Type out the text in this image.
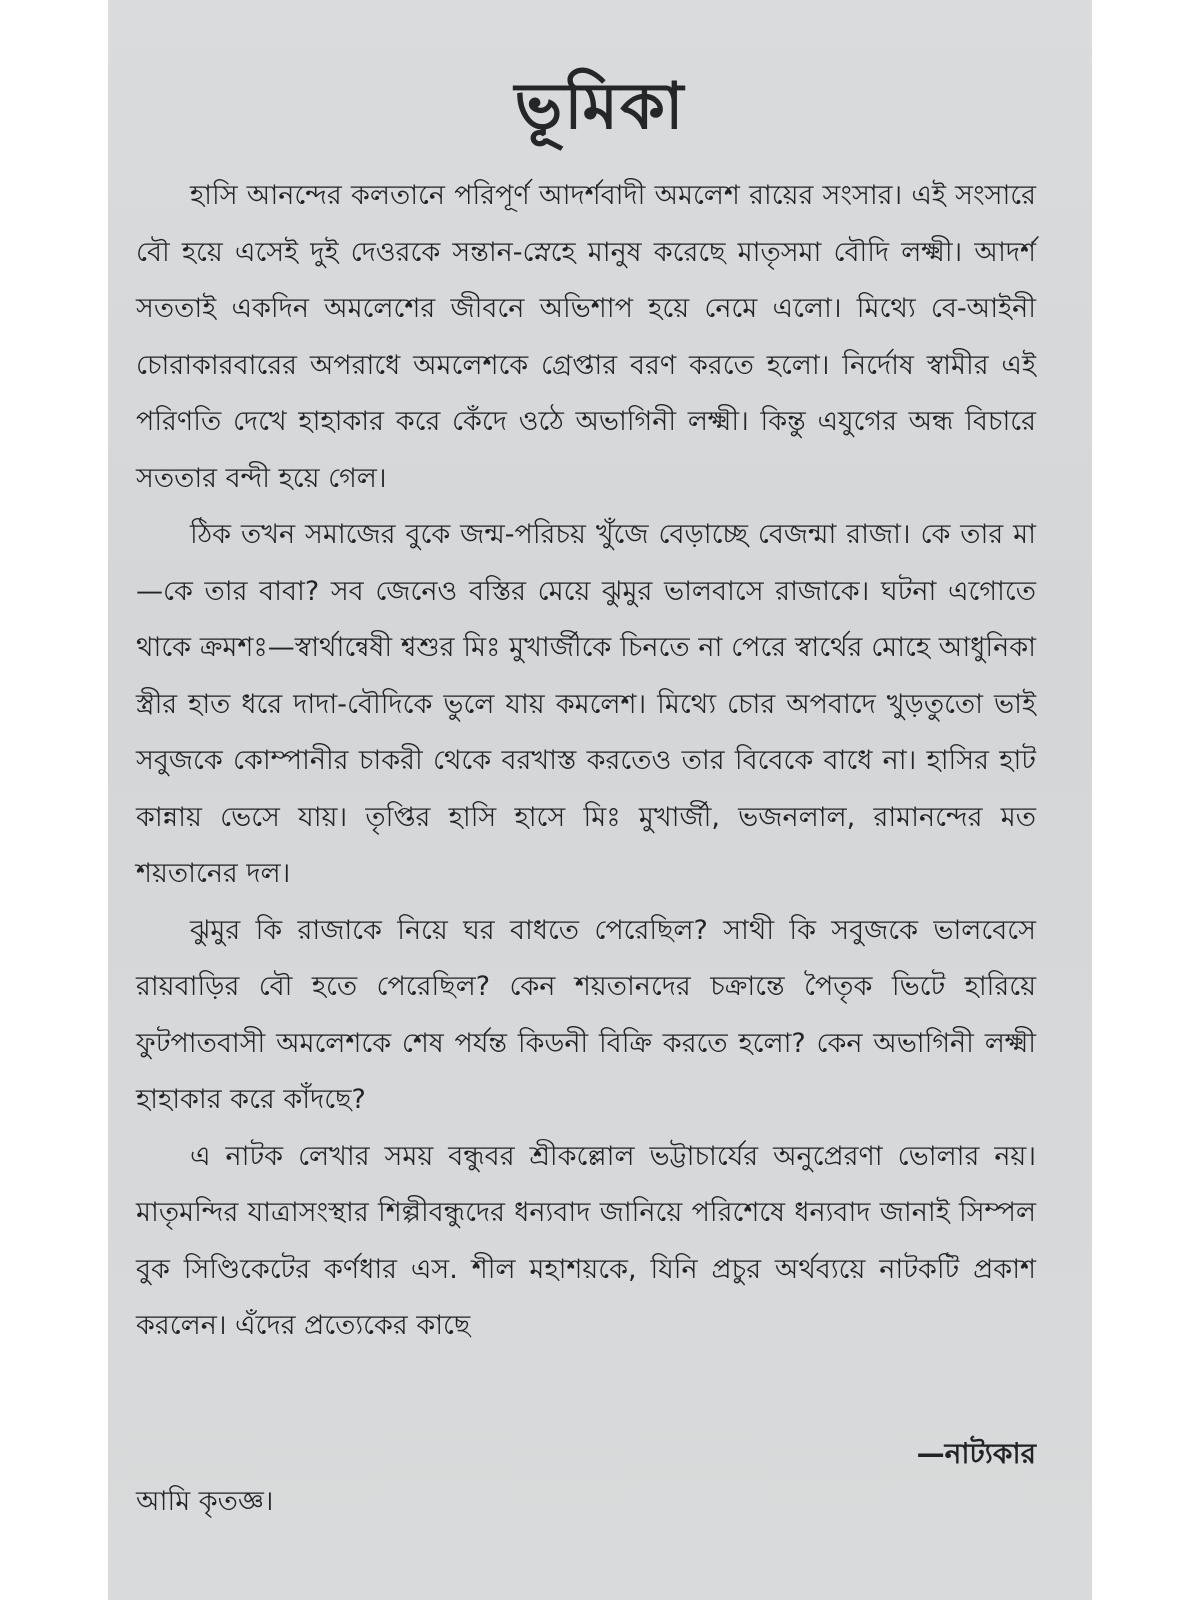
ভূমিকা

হাসি আনন্দের কলতানে পরিপূর্ণ আদর্শবাদী অমলেশ রায়ের সংসার। এই সংসারে বৌ হয়ে এসেই দুই দেওরকে সন্তান-স্নেহে মানুষ করেছে মাতৃসমা বৌদি লক্ষ্মী। আদর্শ সততাই একদিন অমলেশের জীবনে অভিশাপ হয়ে নেমে এলো। মিথ্যে বে-আইনী চোরাকারবারের অপরাধে অমলেশকে গ্রেপ্তার বরণ করতে হলো। নির্দোষ স্বামীর এই পরিণতি দেখে হাহাকার করে কেঁদে ওঠে অভাগিনী লক্ষ্মী। কিন্তু এযুগের অন্ধ বিচারে সততার বন্দী হয়ে গেল।

ঠিক তখন সমাজের বুকে জন্ম-পরিচয় খুঁজে বেড়াচ্ছে বেজন্মা রাজা। কে তার মা—কে তার বাবা? সব জেনেও বস্তির মেয়ে ঝুমুর ভালবাসে রাজাকে। ঘটনা এগোতে থাকে ক্রমশঃ—স্বার্থান্বেষী শ্বশুর মিঃ মুখার্জীকে চিনতে না পেরে স্বার্থের মোহে আধুনিকা স্ত্রীর হাত ধরে দাদা-বৌদিকে ভুলে যায় কমলেশ। মিথ্যে চোর অপবাদে খুড়তুতো ভাই সবুজকে কোম্পানীর চাকরী থেকে বরখাস্ত করতেও তার বিবেকে বাধে না। হাসির হাট কান্নায় ভেসে যায়। তৃপ্তির হাসি হাসে মিঃ মুখার্জী, ভজনলাল, রামানন্দের মত শয়তানের দল।

ঝুমুর কি রাজাকে নিয়ে ঘর বাধতে পেরেছিল? সাথী কি সবুজকে ভালবেসে রায়বাড়ির বৌ হতে পেরেছিল? কেন শয়তানদের চক্রান্তে পৈতৃক ভিটে হারিয়ে ফুটপাতবাসী অমলেশকে শেষ পর্যন্ত কিডনী বিক্রি করতে হলো? কেন অভাগিনী লক্ষ্মী হাহাকার করে কাঁদছে?

এ নাটক লেখার সময় বন্ধুবর শ্রীকল্লোল ভট্টাচার্যের অনুপ্রেরণা ভোলার নয়। মাতৃমন্দির যাত্রাসংস্থার শিল্পীবন্ধুদের ধন্যবাদ জানিয়ে পরিশেষে ধন্যবাদ জানাই সিম্পল বুক সিণ্ডিকেটের কর্ণধার এস. শীল মহাশয়কে, যিনি প্রচুর অর্থব্যয়ে নাটকটি প্রকাশ করলেন। এঁদের প্রত্যেকের কাছে

—নাট্যকার
আমি কৃতজ্ঞ।
